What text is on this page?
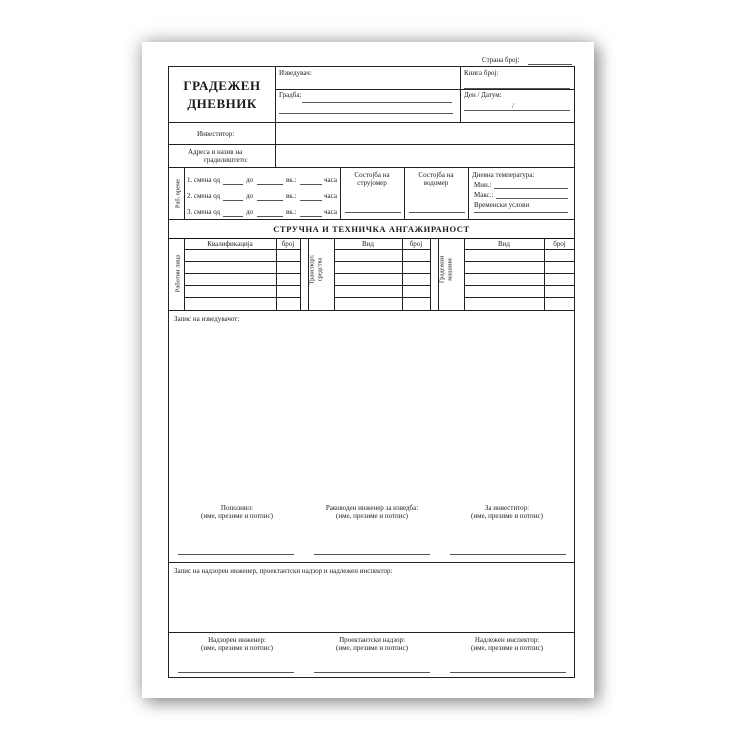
Страна број:
ГРАДЕЖЕН
ДНЕВНИК
Изведувач:	Книга број:
Градба:	Ден / Датум:
/
Инвеститор:
Адреса и назив на
градилиштето:
Раб. време 1. смена од	до	вк.:	часа
2. смена од	до	вк.:	часа
3. смена од	до	вк.:	часа
Состојба на
струјомер
Состојба на
водомер
Дневна температура:
Мин.:
Макс.:
Временски услови
СТРУЧНА И ТЕХНИЧКА АНГАЖИРАНОСТ
Работни лица
Квалификација	број
Транспорт. средства
Вид	број
Градежни машини
Вид	број
Запис на изведувачот:
Пополнил:
(име, презиме и потпис)
Раководен инженер за изведба:
(име, презиме и потпис)
За инвеститор:
(име, презиме и потпис)
Запис на надзорен инженер, проектантски надзор и надлежен инспектор:
Надзорен инженер:
(име, презиме и потпис)
Проектантски надзор:
(име, презиме и потпис)
Надлежен инспектор:
(име, презиме и потпис)
